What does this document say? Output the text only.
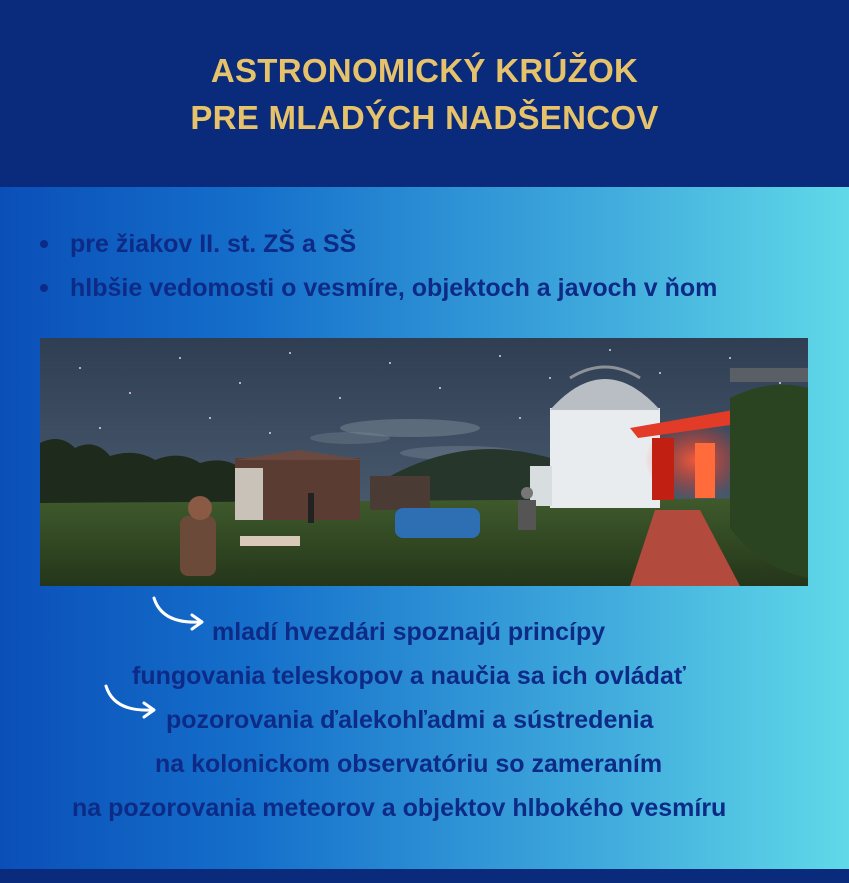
ASTRONOMICKÝ KRÚŽOK
PRE MLADÝCH NADŠENCOV
pre žiakov II. st. ZŠ a SŠ
hlbšie vedomosti o vesmíre, objektoch a javoch v ňom
mladí hvezdári spoznajú princípy
fungovania teleskopov a naučia sa ich ovládať
pozorovania ďalekohľadmi a sústredenia
na kolonickom observatóriu so zameraním
na pozorovania meteorov a objektov hlbokého vesmíru
